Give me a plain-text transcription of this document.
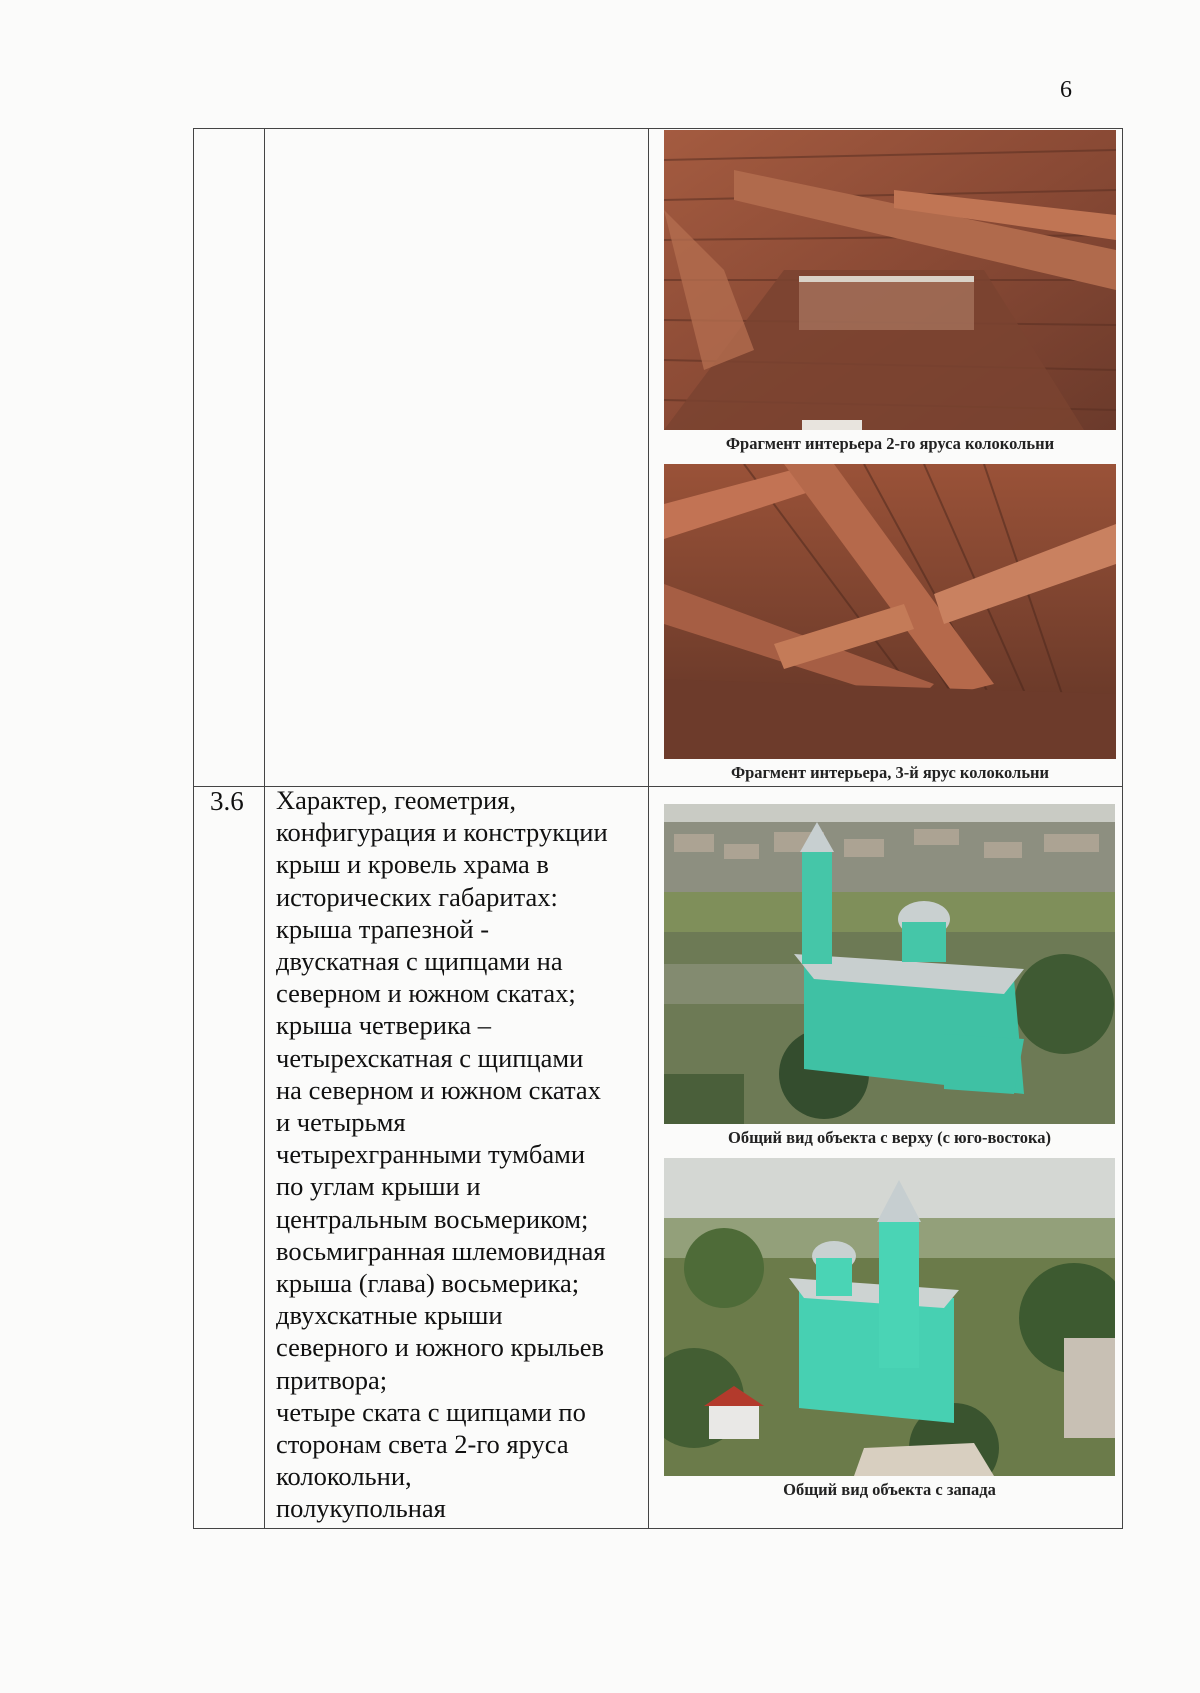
6
Фрагмент интерьера 2-го яруса колокольни
Фрагмент интерьера, 3-й ярус колокольни
3.6 Характер, геометрия,
конфигурация и конструкции
крыш и кровель храма в
исторических габаритах:
крыша трапезной -
двускатная с щипцами на
северном и южном скатах;
крыша четверика –
четырехскатная с щипцами
на северном и южном скатах
и четырьмя
четырехгранными тумбами
по углам крыши и
центральным восьмериком;
восьмигранная шлемовидная
крыша (глава) восьмерика;
двухскатные крыши
северного и южного крыльев
притвора;
четыре ската с щипцами по
сторонам света 2-го яруса
колокольни,
полукупольная
Общий вид объекта с верху (с юго-востока)
Общий вид объекта с запада
